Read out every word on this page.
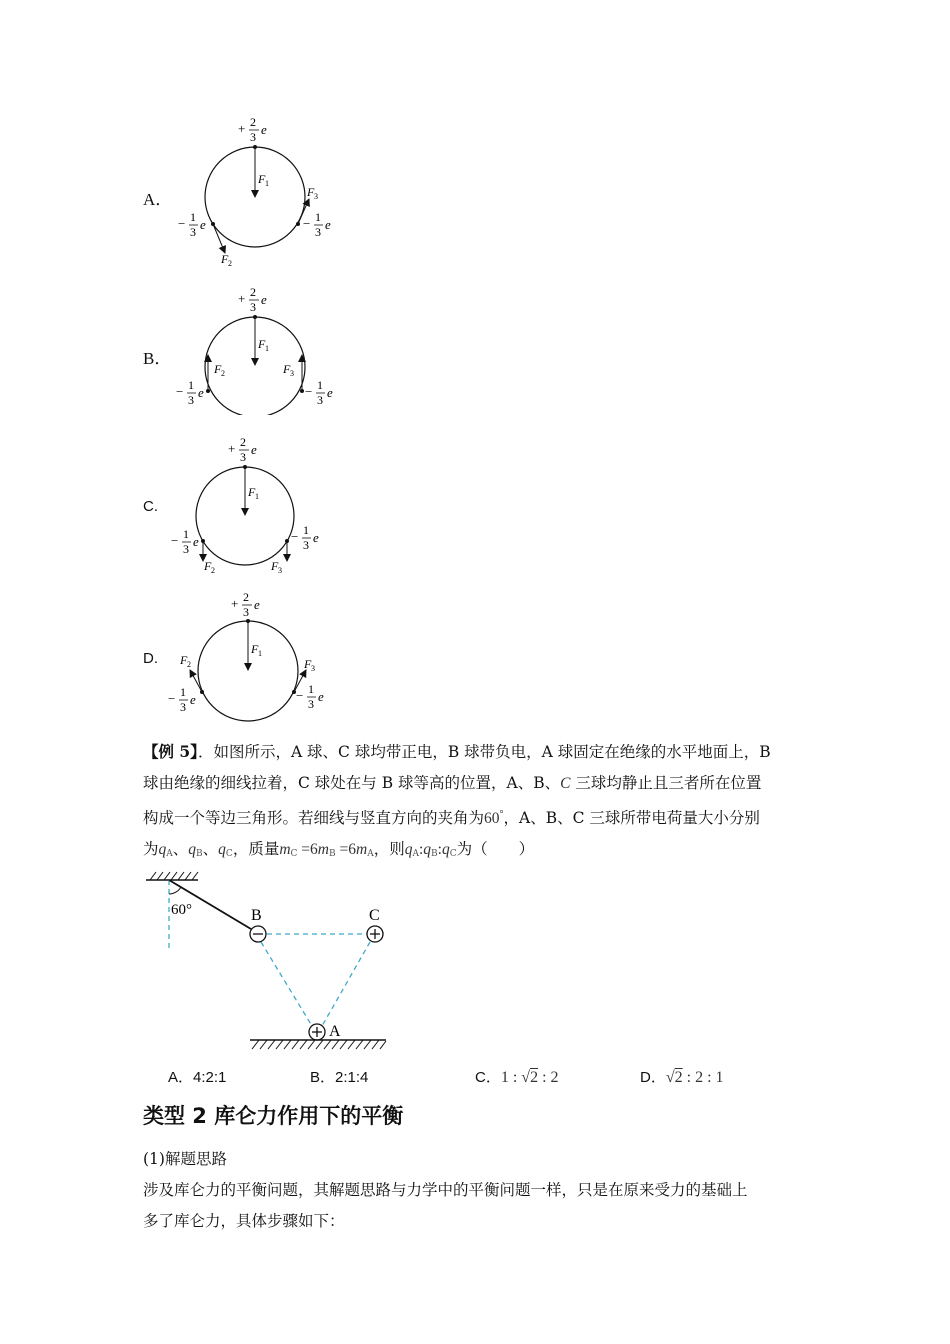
A．
+ 2
3 e
F 1
F 2
F 3
− 1
3 e	− 1
3 e
B．
+ 2
3 e
F 1
F 2	F 3
− 1
3 e	− 1
3 e
C.
+ 2
3 e
F 1
F 2	F 3
− 1
3 e	− 1
3 e
D.
+ 2
3 e
F 1
F 2	F 3
− 1
3 e	− 1
3 e
【例 5】．如图所示，A 球、C 球均带正电，B 球带负电，A 球固定在绝缘的水平地面上，B
球由绝缘的细线拉着，C 球处在与 B 球等高的位置，A、B、C 三球均静止且三者所在位置
构成一个等边三角形。若细线与竖直方向的夹角为60°，A、B、C 三球所带电荷量大小分别
为$q_A$、$q_B$、$q_C$，质量$m_C =6m_B =6m_A$，则$q_A:q_B:q_C$为（　　）
60°	B	C
A
A．4:2:1	B．2:1:4	C．1 : √2 : 2	D．√2 : 2 : 1
类型 2 库仑力作用下的平衡
(1)解题思路
涉及库仑力的平衡问题，其解题思路与力学中的平衡问题一样，只是在原来受力的基础上
多了库仑力，具体步骤如下：
